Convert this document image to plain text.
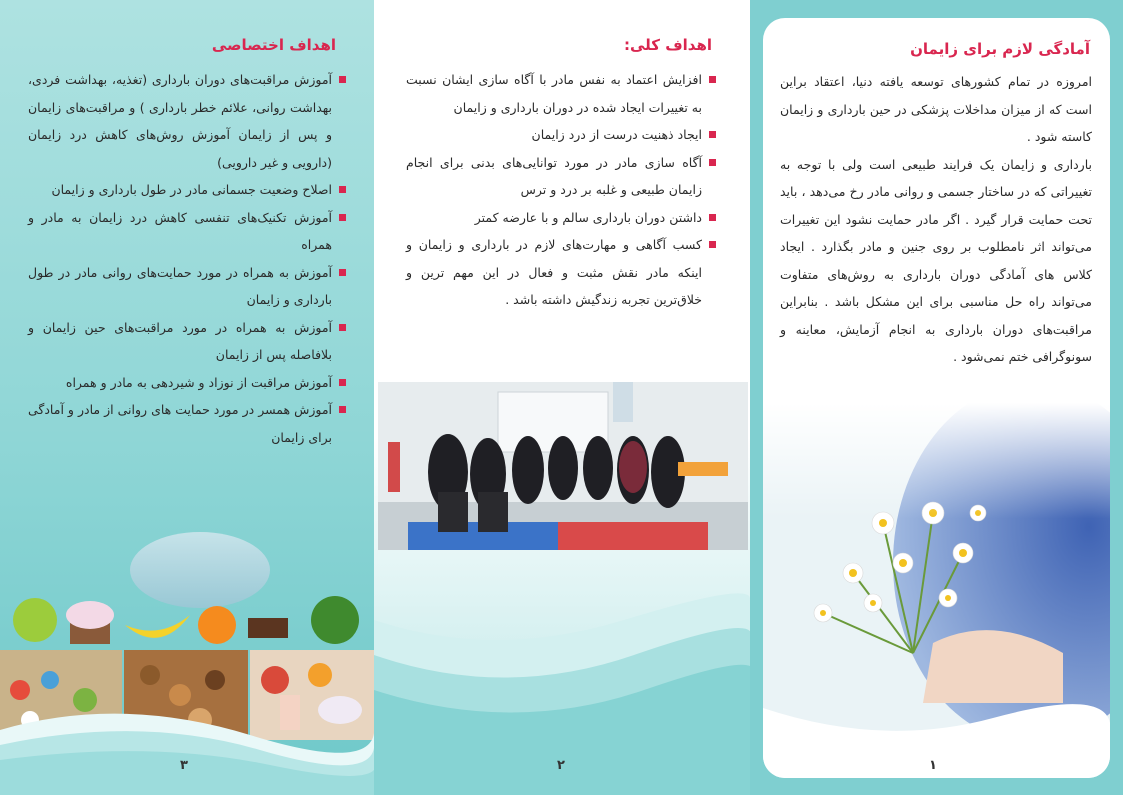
اهداف اختصاصی
آموزش مراقبت‌های دوران بارداری (تغذیه، بهداشت فردی، بهداشت روانی، علائم خطر بارداری ) و مراقبت‌های زایمان و پس از زایمان آموزش روش‌های کاهش درد زایمان (دارویی و غیر دارویی)
اصلاح وضعیت جسمانی مادر در طول بارداری و زایمان
آموزش تکنیک‌های تنفسی کاهش درد زایمان به مادر و همراه
آموزش به همراه در مورد حمایت‌های روانی مادر در طول بارداری و زایمان
آموزش به همراه در مورد مراقبت‌های حین زایمان و بلافاصله پس از زایمان
آموزش مراقبت از نوزاد و شیردهی به مادر و همراه
آموزش همسر در مورد حمایت های روانی از مادر و آمادگی برای زایمان
۳
اهداف کلی:
افزایش اعتماد به نفس مادر با آگاه سازی ایشان نسبت به تغییرات ایجاد شده در دوران بارداری و زایمان
ایجاد ذهنیت درست از درد زایمان
آگاه سازی مادر در مورد توانایی‌های بدنی برای انجام زایمان طبیعی و غلبه بر درد و ترس
داشتن دوران بارداری سالم و با عارضه کمتر
کسب آگاهی و مهارت‌های لازم در بارداری و زایمان و اینکه مادر نقش مثبت و فعال در این مهم ترین و خلاق‌ترین تجربه زندگیش داشته باشد .
۲
آمادگی لازم برای زایمان

امروزه در تمام کشورهای توسعه یافته دنیا، اعتقاد براین است که از میزان مداخلات پزشکی در حین بارداری و زایمان کاسته شود .

بارداری و زایمان یک فرایند طبیعی است ولی با توجه به تغییراتی که در ساختار جسمی و روانی مادر رخ می‌دهد ، باید تحت حمایت قرار گیرد . اگر مادر حمایت نشود این تغییرات می‌تواند اثر نامطلوب بر روی جنین و مادر بگذارد . ایجاد کلاس های آمادگی دوران بارداری به روش‌های متفاوت می‌تواند راه حل مناسبی برای این مشکل باشد . بنابراین مراقبت‌های دوران بارداری به انجام آزمایش، معاینه و سونوگرافی ختم نمی‌شود .

۱
